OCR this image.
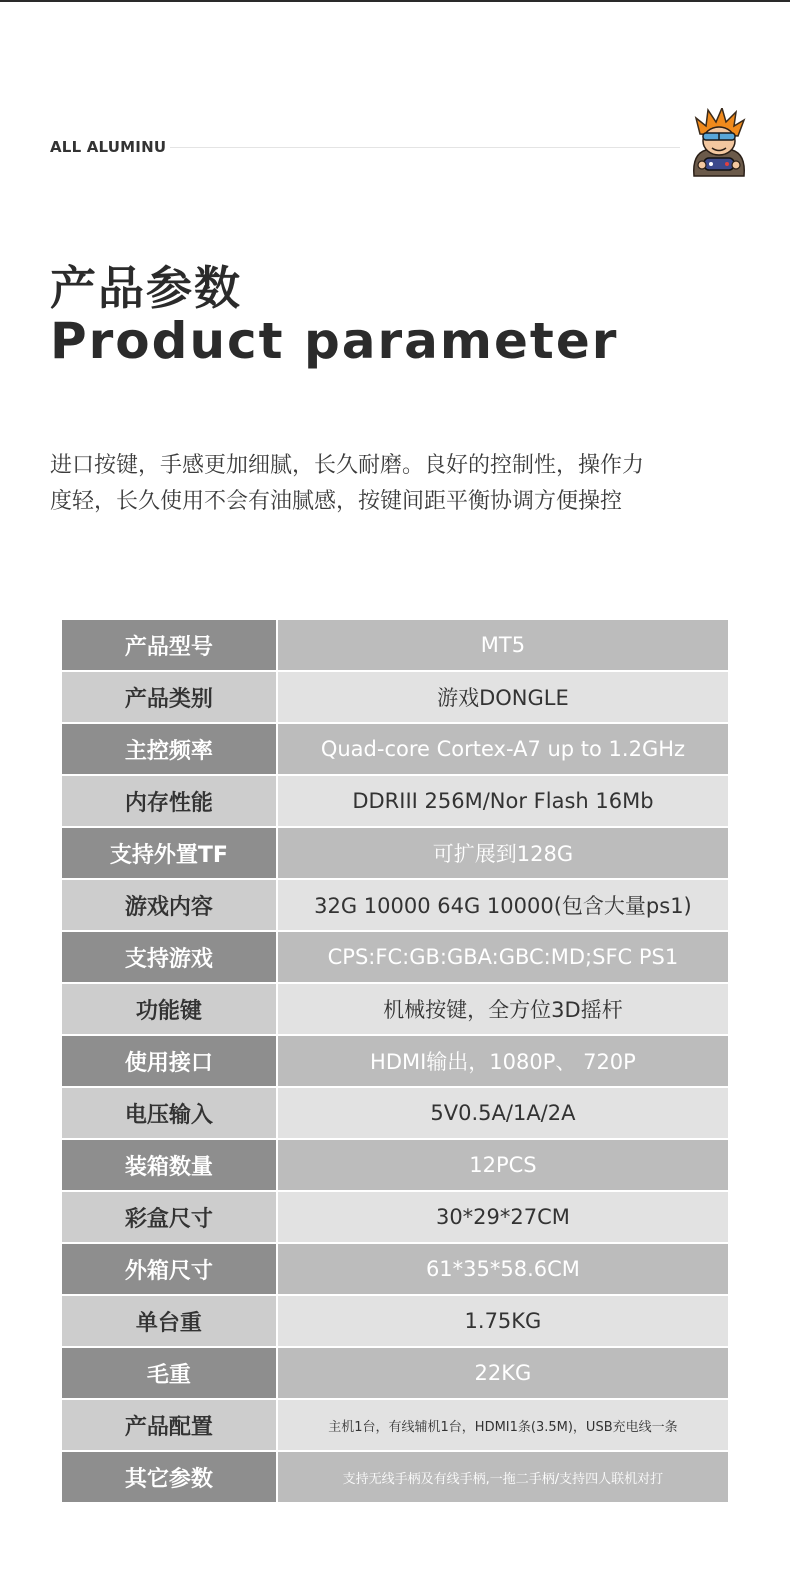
ALL ALUMINU
产品参数
Product parameter
进口按键，手感更加细腻，长久耐磨。良好的控制性，操作力
度轻，长久使用不会有油腻感，按键间距平衡协调方便操控
产品型号	MT5
产品类别	游戏DONGLE
主控频率	Quad-core Cortex-A7 up to 1.2GHz
内存性能	DDRIII 256M/Nor Flash 16Mb
支持外置TF	可扩展到128G
游戏内容	32G 10000 64G 10000(包含大量ps1)
支持游戏	CPS:FC:GB:GBA:GBC:MD;SFC PS1
功能键	机械按键，全方位3D摇杆
使用接口	HDMI输出，1080P、 720P
电压输入	5V0.5A/1A/2A
装箱数量	12PCS
彩盒尺寸	30*29*27CM
外箱尺寸	61*35*58.6CM
单台重	1.75KG
毛重	22KG
产品配置	主机1台，有线辅机1台，HDMI1条(3.5M)，USB充电线一条
其它参数	支持无线手柄及有线手柄,一拖二手柄/支持四人联机对打
